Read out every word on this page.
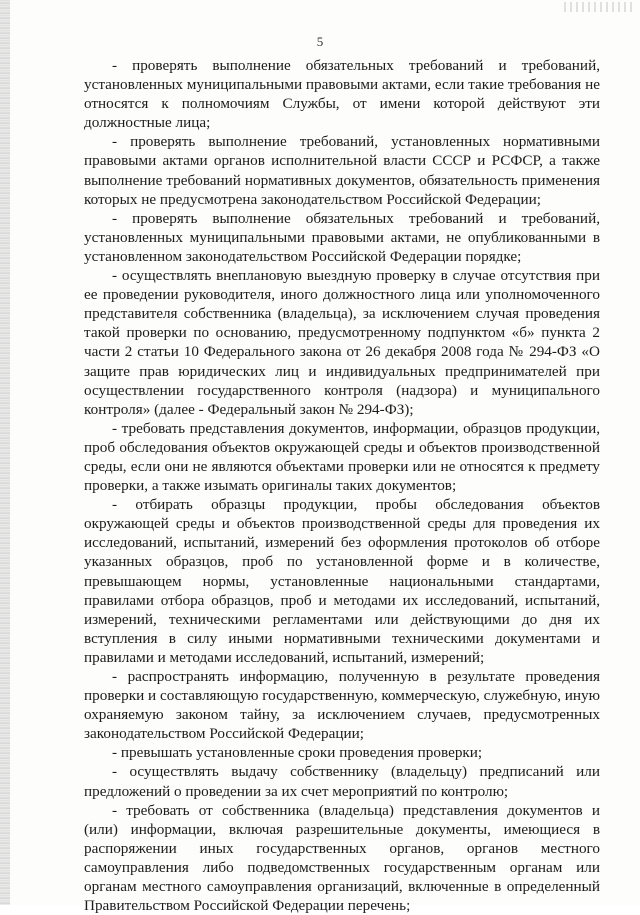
5

- проверять выполнение обязательных требований и требований, установленных муниципальными правовыми актами, если такие требования не относятся к полномочиям Службы, от имени которой действуют эти должностные лица;

- проверять выполнение требований, установленных нормативными правовыми актами органов исполнительной власти СССР и РСФСР, а также выполнение требований нормативных документов, обязательность применения которых не предусмотрена законодательством Российской Федерации;

- проверять выполнение обязательных требований и требований, установленных муниципальными правовыми актами, не опубликованными в установленном законодательством Российской Федерации порядке;

- осуществлять внеплановую выездную проверку в случае отсутствия при ее проведении руководителя, иного должностного лица или уполномоченного представителя собственника (владельца), за исключением случая проведения такой проверки по основанию, предусмотренному подпунктом «б» пункта 2 части 2 статьи 10 Федерального закона от 26 декабря 2008 года № 294-ФЗ «О защите прав юридических лиц и индивидуальных предпринимателей при осуществлении государственного контроля (надзора) и муниципального контроля» (далее - Федеральный закон № 294-ФЗ);

- требовать представления документов, информации, образцов продукции, проб обследования объектов окружающей среды и объектов производственной среды, если они не являются объектами проверки или не относятся к предмету проверки, а также изымать оригиналы таких документов;

- отбирать образцы продукции, пробы обследования объектов окружающей среды и объектов производственной среды для проведения их исследований, испытаний, измерений без оформления протоколов об отборе указанных образцов, проб по установленной форме и в количестве, превышающем нормы, установленные национальными стандартами, правилами отбора образцов, проб и методами их исследований, испытаний, измерений, техническими регламентами или действующими до дня их вступления в силу иными нормативными техническими документами и правилами и методами исследований, испытаний, измерений;

- распространять информацию, полученную в результате проведения проверки и составляющую государственную, коммерческую, служебную, иную охраняемую законом тайну, за исключением случаев, предусмотренных законодательством Российской Федерации;

- превышать установленные сроки проведения проверки;

- осуществлять выдачу собственнику (владельцу) предписаний или предложений о проведении за их счет мероприятий по контролю;

- требовать от собственника (владельца) представления документов и (или) информации, включая разрешительные документы, имеющиеся в распоряжении иных государственных органов, органов местного самоуправления либо подведомственных государственным органам или органам местного самоуправления организаций, включенные в определенный Правительством Российской Федерации перечень;
